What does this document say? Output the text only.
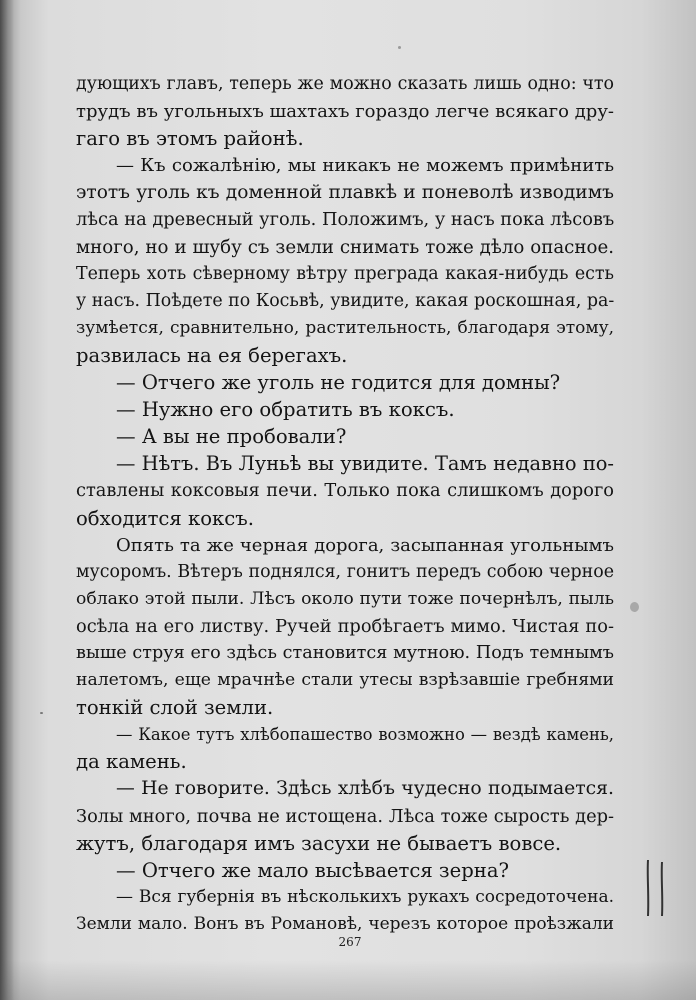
дующихъ главъ, теперь же можно сказать лишь одно: что
трудъ въ угольныхъ шахтахъ гораздо легче всякаго дру-
гаго въ этомъ районѣ.
— Къ сожалѣнію, мы никакъ не можемъ примѣнить
этотъ уголь къ доменной плавкѣ и поневолѣ изводимъ
лѣса на древесный уголь. Положимъ, у насъ пока лѣсовъ
много, но и шубу съ земли снимать тоже дѣло опасное.
Теперь хоть сѣверному вѣтру преграда какая-нибудь есть
у насъ. Поѣдете по Косьвѣ, увидите, какая роскошная, ра-
зумѣется, сравнительно, растительность, благодаря этому,
развилась на ея берегахъ.
— Отчего же уголь не годится для домны?
— Нужно его обратить въ коксъ.
— А вы не пробовали?
— Нѣтъ. Въ Луньѣ вы увидите. Тамъ недавно по-
ставлены коксовыя печи. Только пока слишкомъ дорого
обходится коксъ.
Опять та же черная дорога, засыпанная угольнымъ
мусоромъ. Вѣтеръ поднялся, гонитъ передъ собою черное
облако этой пыли. Лѣсъ около пути тоже почернѣлъ, пыль
осѣла на его листву. Ручей пробѣгаетъ мимо. Чистая по-
выше струя его здѣсь становится мутною. Подъ темнымъ
налетомъ, еще мрачнѣе стали утесы взрѣзавшіе гребнями
тонкій слой земли.
— Какое тутъ хлѣбопашество возможно — вездѣ камень,
да камень.
— Не говорите. Здѣсь хлѣбъ чудесно подымается.
Золы много, почва не истощена. Лѣса тоже сырость дер-
жутъ, благодаря имъ засухи не бываетъ вовсе.
— Отчего же мало высѣвается зерна?
— Вся губернія въ нѣсколькихъ рукахъ сосредоточена.
Земли мало. Вонъ въ Романовѣ, черезъ которое проѣзжали
267
